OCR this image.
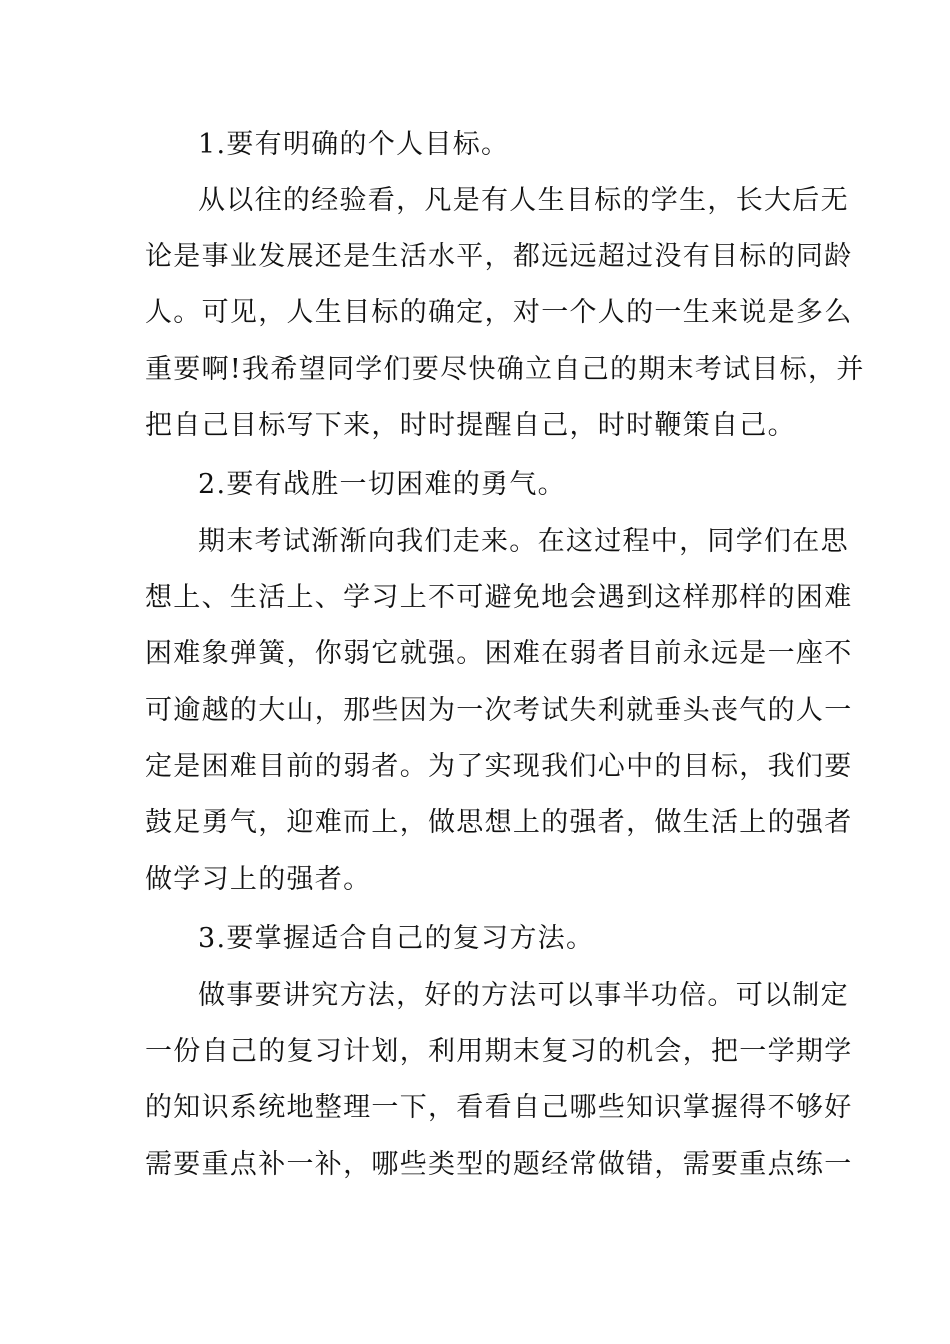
1.要有明确的个人目标。
从以往的经验看，凡是有人生目标的学生，长大后无
论是事业发展还是生活水平，都远远超过没有目标的同龄
人。可见，人生目标的确定，对一个人的一生来说是多么
重要啊!我希望同学们要尽快确立自己的期末考试目标，并
把自己目标写下来，时时提醒自己，时时鞭策自己。
2.要有战胜一切困难的勇气。
期末考试渐渐向我们走来。在这过程中，同学们在思
想上、生活上、学习上不可避免地会遇到这样那样的困难
困难象弹簧，你弱它就强。困难在弱者目前永远是一座不
可逾越的大山，那些因为一次考试失利就垂头丧气的人一
定是困难目前的弱者。为了实现我们心中的目标，我们要
鼓足勇气，迎难而上，做思想上的强者，做生活上的强者
做学习上的强者。
3.要掌握适合自己的复习方法。
做事要讲究方法，好的方法可以事半功倍。可以制定
一份自己的复习计划，利用期末复习的机会，把一学期学
的知识系统地整理一下，看看自己哪些知识掌握得不够好
需要重点补一补，哪些类型的题经常做错，需要重点练一
